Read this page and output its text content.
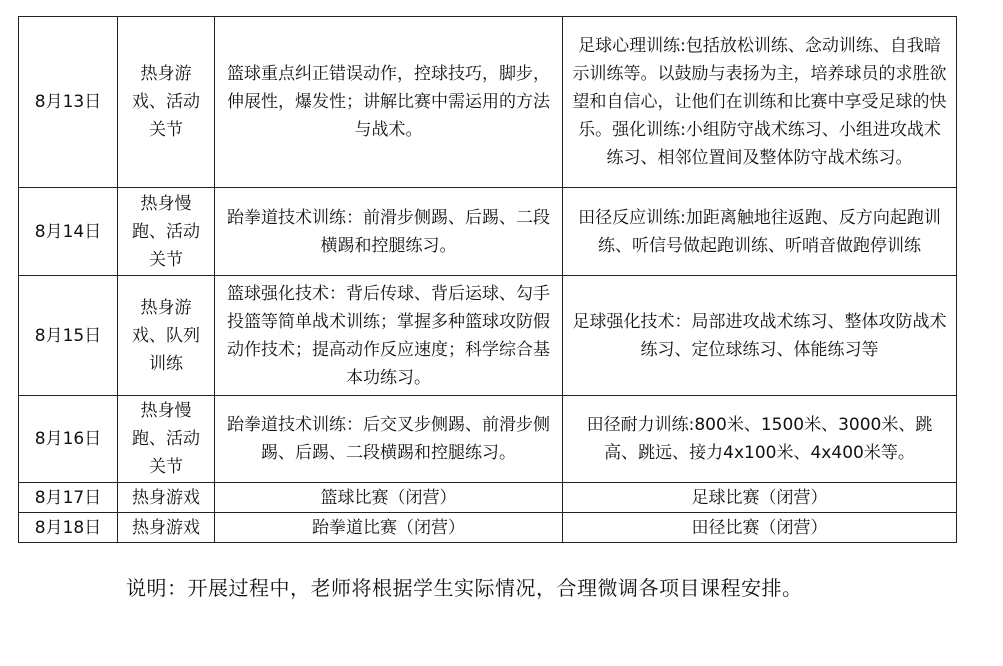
8月13日	热身游戏、活动关节	篮球重点纠正错误动作，控球技巧，脚步，伸展性，爆发性；讲解比赛中需运用的方法与战术。	足球心理训练:包括放松训练、念动训练、自我暗示训练等。以鼓励与表扬为主，培养球员的求胜欲望和自信心，让他们在训练和比赛中享受足球的快乐。强化训练:小组防守战术练习、小组进攻战术练习、相邻位置间及整体防守战术练习。
8月14日	热身慢跑、活动关节	跆拳道技术训练：前滑步侧踢、后踢、二段横踢和控腿练习。	田径反应训练:加距离触地往返跑、反方向起跑训练、听信号做起跑训练、听哨音做跑停训练
8月15日	热身游戏、队列训练	篮球强化技术：背后传球、背后运球、勾手投篮等简单战术训练；掌握多种篮球攻防假动作技术；提高动作反应速度；科学综合基本功练习。	足球强化技术：局部进攻战术练习、整体攻防战术练习、定位球练习、体能练习等
8月16日	热身慢跑、活动关节	跆拳道技术训练：后交叉步侧踢、前滑步侧踢、后踢、二段横踢和控腿练习。	田径耐力训练:800米、1500米、3000米、跳高、跳远、接力4x100米、4x400米等。
8月17日	热身游戏	篮球比赛（闭营）	足球比赛（闭营）
8月18日	热身游戏	跆拳道比赛（闭营）	田径比赛（闭营）

说明：开展过程中，老师将根据学生实际情况，合理微调各项目课程安排。
